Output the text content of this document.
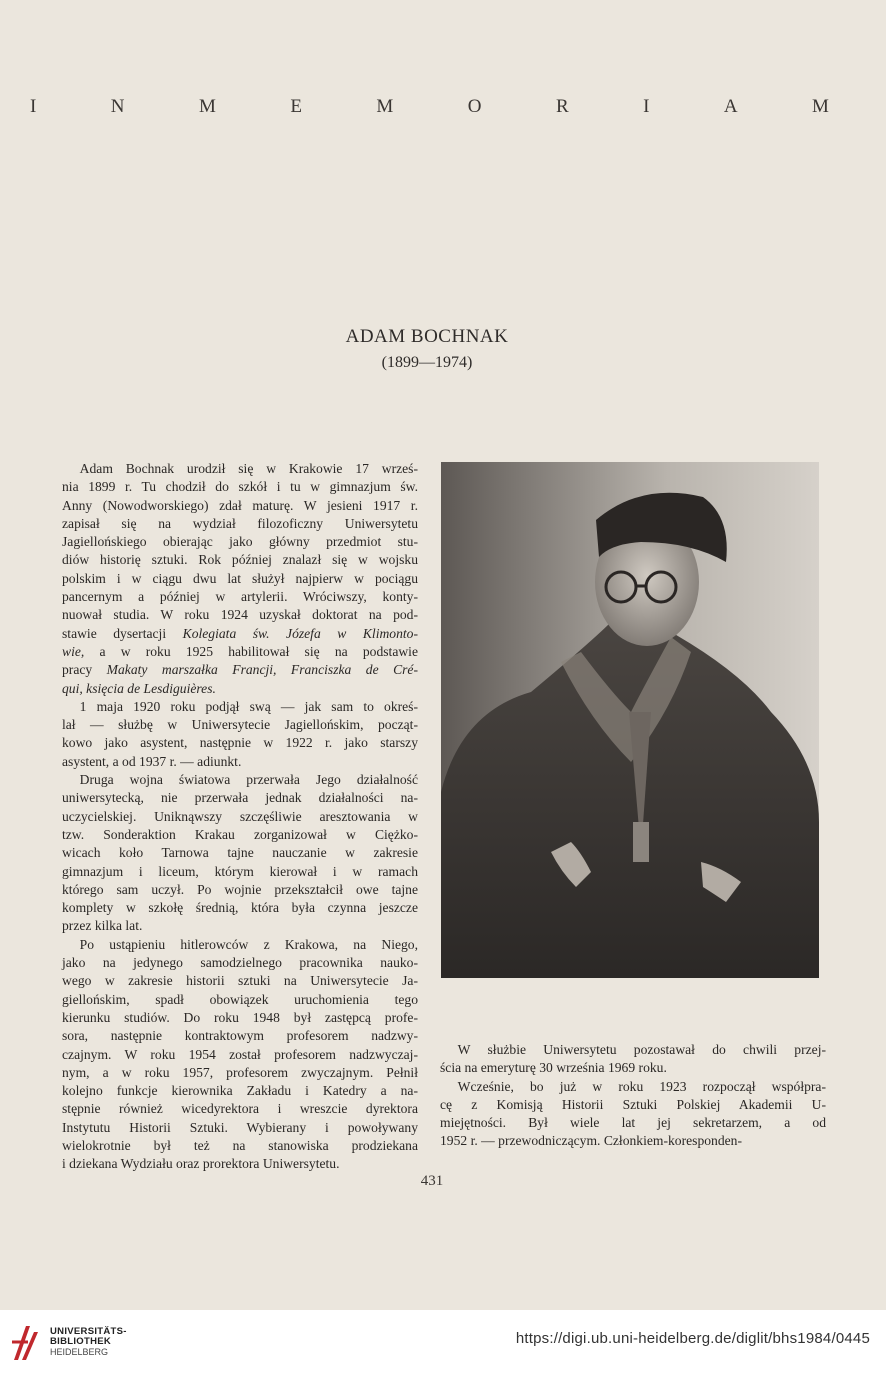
I	N	M	E	M	O	R	I	A	M
ADAM BOCHNAK
(1899—1974)

Adam Bochnak urodził się w Krakowie 17 wrześ-
nia 1899 r. Tu chodził do szkół i tu w gimnazjum św.
Anny (Nowodworskiego) zdał maturę. W jesieni 1917 r.
zapisał się na wydział filozoficzny Uniwersytetu
Jagiellońskiego obierając jako główny przedmiot stu-
diów historię sztuki. Rok później znalazł się w wojsku
polskim i w ciągu dwu lat służył najpierw w pociągu
pancernym a później w artylerii. Wróciwszy, konty-
nuował studia. W roku 1924 uzyskał doktorat na pod-
stawie dysertacji Kolegiata św. Józefa w Klimonto-
wie, a w roku 1925 habilitował się na podstawie
pracy Makaty marszałka Francji, Franciszka de Cré-
qui, księcia de Lesdiguières.

1 maja 1920 roku podjął swą — jak sam to okreś-
lał — służbę w Uniwersytecie Jagiellońskim, począt-
kowo jako asystent, następnie w 1922 r. jako starszy
asystent, a od 1937 r. — adiunkt.

Druga wojna światowa przerwała Jego działalność
uniwersytecką, nie przerwała jednak działalności na-
uczycielskiej. Uniknąwszy szczęśliwie aresztowania w
tzw. Sonderaktion Krakau zorganizował w Ciężko-
wicach koło Tarnowa tajne nauczanie w zakresie
gimnazjum i liceum, którym kierował i w ramach
którego sam uczył. Po wojnie przekształcił owe tajne
komplety w szkołę średnią, która była czynna jeszcze
przez kilka lat.

Po ustąpieniu hitlerowców z Krakowa, na Niego,
jako na jedynego samodzielnego pracownika nauko-
wego w zakresie historii sztuki na Uniwersytecie Ja-
giellońskim, spadł obowiązek uruchomienia tego
kierunku studiów. Do roku 1948 był zastępcą profe-
sora, następnie kontraktowym profesorem nadzwy-
czajnym. W roku 1954 został profesorem nadzwyczaj-
nym, a w roku 1957, profesorem zwyczajnym. Pełnił
kolejno funkcje kierownika Zakładu i Katedry a na-
stępnie również wicedyrektora i wreszcie dyrektora
Instytutu Historii Sztuki. Wybierany i powoływany
wielokrotnie był też na stanowiska prodziekana
i dziekana Wydziału oraz prorektora Uniwersytetu.

W służbie Uniwersytetu pozostawał do chwili przej-
ścia na emeryturę 30 września 1969 roku.

Wcześnie, bo już w roku 1923 rozpoczął współpra-
cę z Komisją Historii Sztuki Polskiej Akademii U-
miejętności. Był wiele lat jej sekretarzem, a od
1952 r. — przewodniczącym. Członkiem-koresponden-

431
UNIVERSITÄTS-
BIBLIOTHEK
HEIDELBERG
https://digi.ub.uni-heidelberg.de/diglit/bhs1984/0445
